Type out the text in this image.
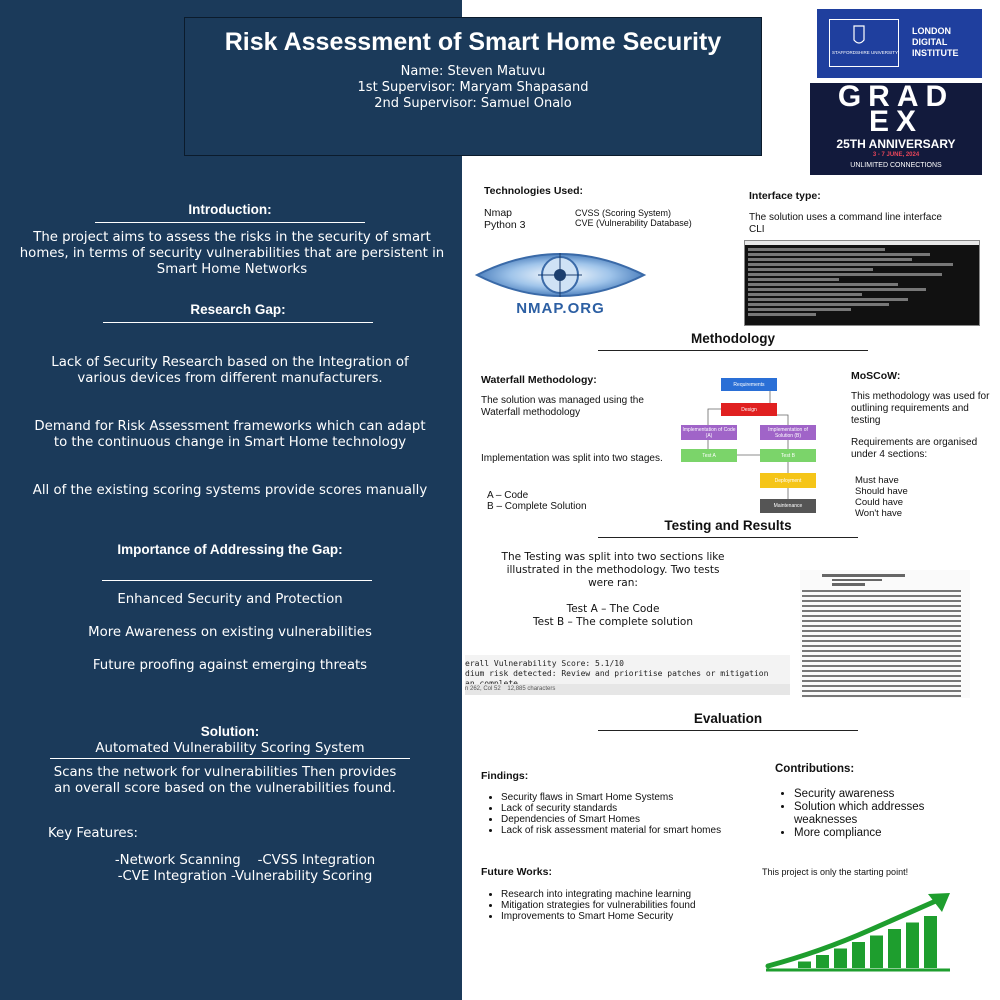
Risk Assessment of Smart Home Security
Name: Steven Matuvu
1st Supervisor: Maryam Shapasand
2nd Supervisor: Samuel Onalo
STAFFORDSHIRE UNIVERSITY
LONDON
DIGITAL
INSTITUTE
GRAD
EX
25TH ANNIVERSARY
3 - 7 JUNE, 2024
UNLIMITED CONNECTIONS
Introduction:
The project aims to assess the risks in the security of smart homes, in terms of security vulnerabilities that are persistent in Smart Home Networks
Research Gap:
Lack of Security Research based on the Integration of various devices from different manufacturers.
Demand for Risk Assessment frameworks which can adapt to the continuous change in Smart Home technology
All of the existing scoring systems provide scores manually
Importance of Addressing the Gap:
Enhanced Security and Protection
More Awareness on existing vulnerabilities
Future proofing against emerging threats
Solution:
Automated Vulnerability Scoring System
Scans the network for vulnerabilities Then provides an overall score based on the vulnerabilities found.
Key Features:
-Network Scanning    -CVSS Integration
-CVE Integration -Vulnerability Scoring
Technologies Used:
Nmap
Python 3
CVSS (Scoring System)
CVE (Vulnerability Database)
NMAP.ORG
Interface type:
The solution uses a command line interface CLI
Methodology
Waterfall Methodology:
The solution was managed using the Waterfall methodology
Implementation was split into two stages.
A – Code
B – Complete Solution
Requirements
Design
Implementation of Code (A)
Implementation of Solution (B)
Test A	Test B
Deployment
Maintenance
MoSCoW:
This methodology was used for outlining requirements and testing
Requirements are organised under 4 sections:
Must have
Should have
Could have
Won't have
Testing and Results
The Testing was split into two sections like illustrated in the methodology. Two tests were ran:
Test A – The Code
Test B – The complete solution
erall Vulnerability Score: 5.1/10
dium risk detected: Review and prioritise patches or mitigation
n 262, Col 52    12,885 characters
Evaluation
Findings:
• Security flaws in Smart Home Systems
• Lack of security standards
• Dependencies of Smart Homes
• Lack of risk assessment material for smart homes
Future Works:
• Research into integrating machine learning
• Mitigation strategies for vulnerabilities found
• Improvements to Smart Home Security
Contributions:
• Security awareness
• Solution which addresses weaknesses
• More compliance
This project is only the starting point!
